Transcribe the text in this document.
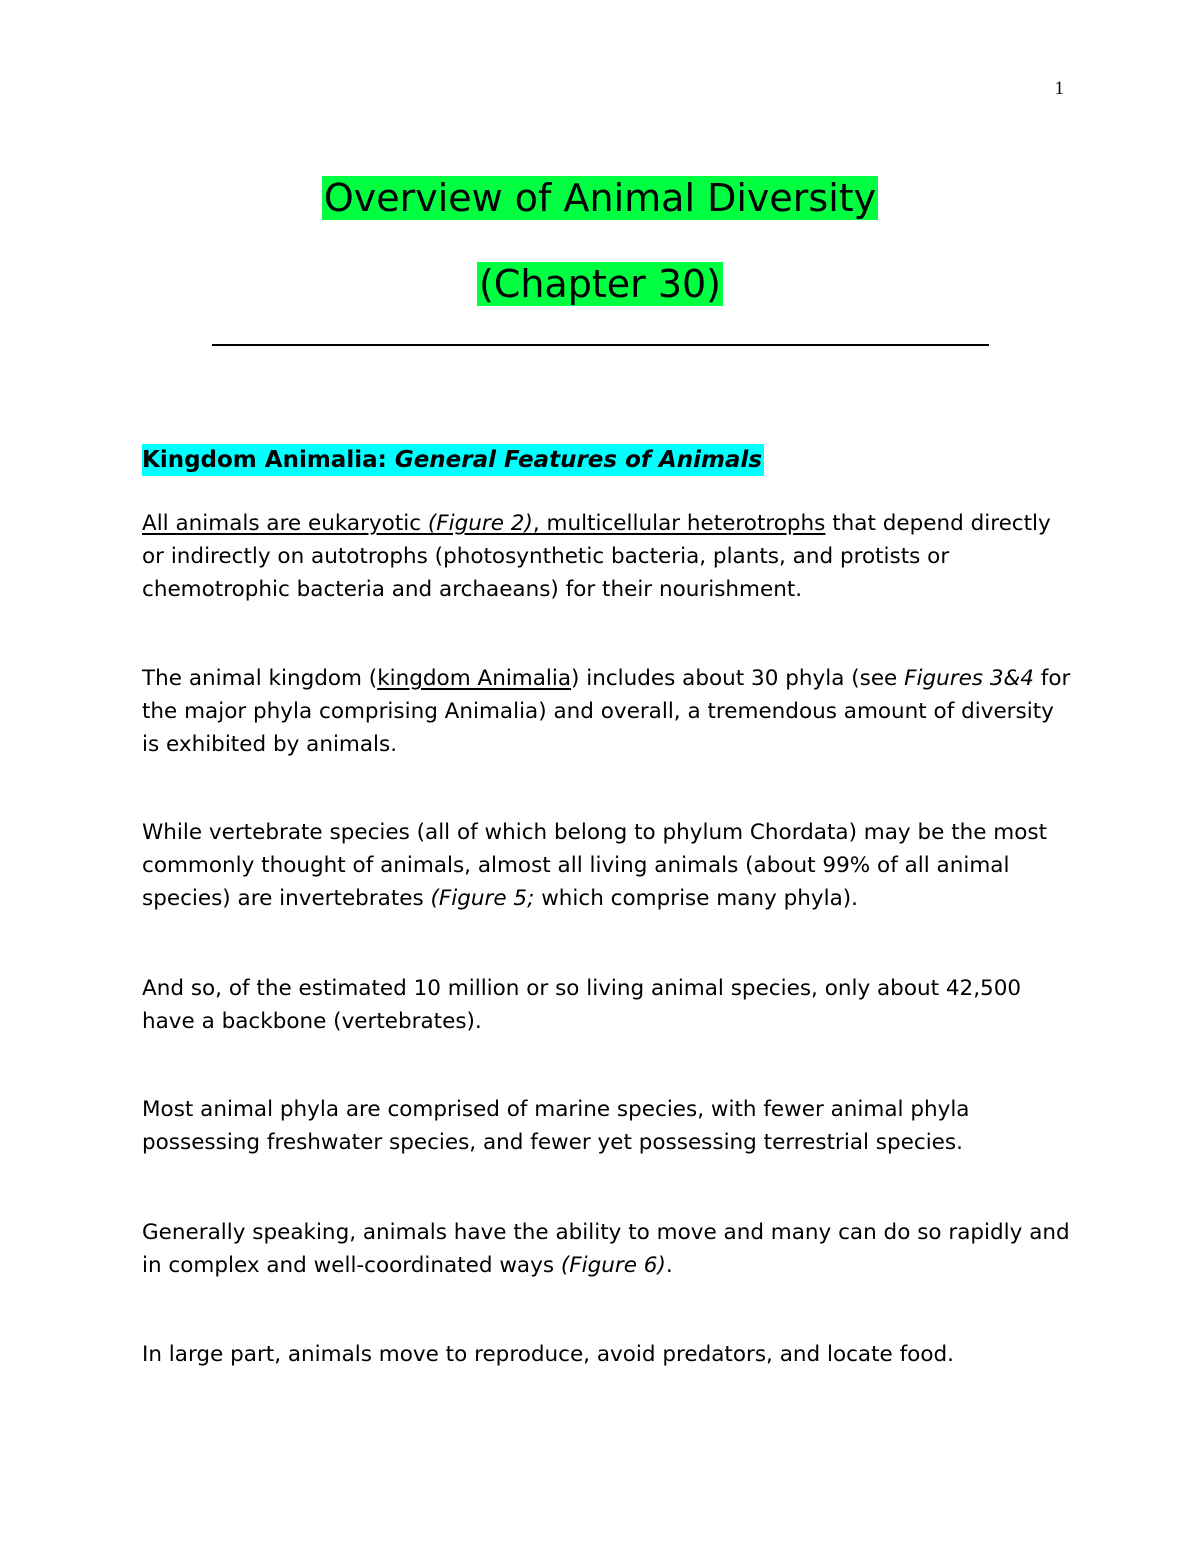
1
Overview of Animal Diversity
(Chapter 30)
Kingdom Animalia: General Features of Animals

All animals are eukaryotic (Figure 2), multicellular heterotrophs that depend directly or indirectly on autotrophs (photosynthetic bacteria, plants, and protists or chemotrophic bacteria and archaeans) for their nourishment.

The animal kingdom (kingdom Animalia) includes about 30 phyla (see Figures 3&4 for the major phyla comprising Animalia) and overall, a tremendous amount of diversity is exhibited by animals.

While vertebrate species (all of which belong to phylum Chordata) may be the most commonly thought of animals, almost all living animals (about 99% of all animal species) are invertebrates (Figure 5; which comprise many phyla).

And so, of the estimated 10 million or so living animal species, only about 42,500 have a backbone (vertebrates).

Most animal phyla are comprised of marine species, with fewer animal phyla possessing freshwater species, and fewer yet possessing terrestrial species.

Generally speaking, animals have the ability to move and many can do so rapidly and in complex and well-coordinated ways (Figure 6).

In large part, animals move to reproduce, avoid predators, and locate food.
